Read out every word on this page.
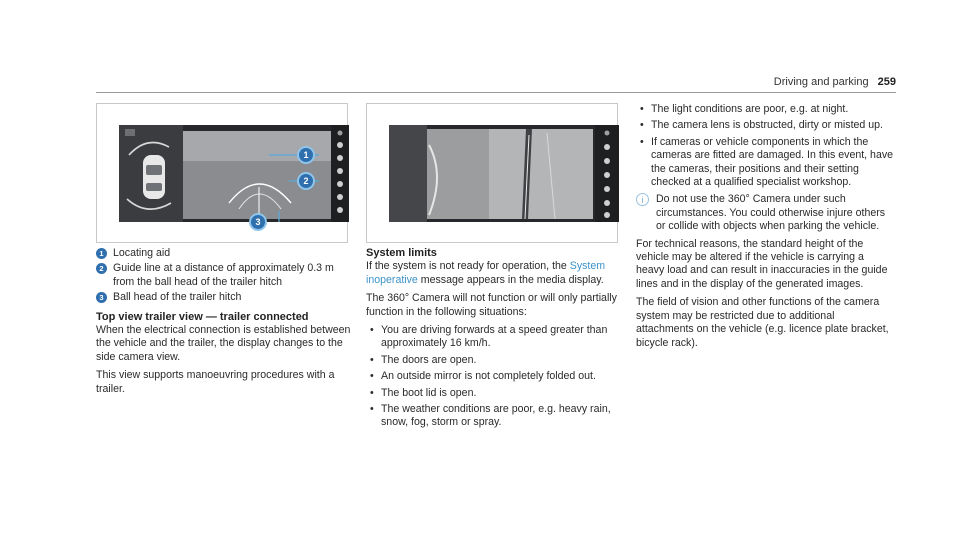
Driving and parking 259
1
2
3
1 Locating aid
2 Guide line at a distance of approximately 0.3 m from the ball head of the trailer hitch
3 Ball head of the trailer hitch
Top view trailer view — trailer connected

When the electrical connection is established between the vehicle and the trailer, the display changes to the side camera view.

This view supports manoeuvring procedures with a trailer.

System limits

If the system is not ready for operation, the System inoperative message appears in the media display.

The 360° Camera will not function or will only partially function in the following situations:

• You are driving forwards at a speed greater than approximately 16 km/h.
• The doors are open.
• An outside mirror is not completely folded out.
• The boot lid is open.
• The weather conditions are poor, e.g. heavy rain, snow, fog, storm or spray.
• The light conditions are poor, e.g. at night.
• The camera lens is obstructed, dirty or misted up.
• If cameras or vehicle components in which the cameras are fitted are damaged. In this event, have the cameras, their positions and their setting checked at a qualified specialist workshop.
i	Do not use the 360° Camera under such circumstances. You could otherwise injure others or collide with objects when parking the vehicle.

For technical reasons, the standard height of the vehicle may be altered if the vehicle is carrying a heavy load and can result in inaccuracies in the guide lines and in the display of the generated images.

The field of vision and other functions of the camera system may be restricted due to additional attachments on the vehicle (e.g. licence plate bracket, bicycle rack).
